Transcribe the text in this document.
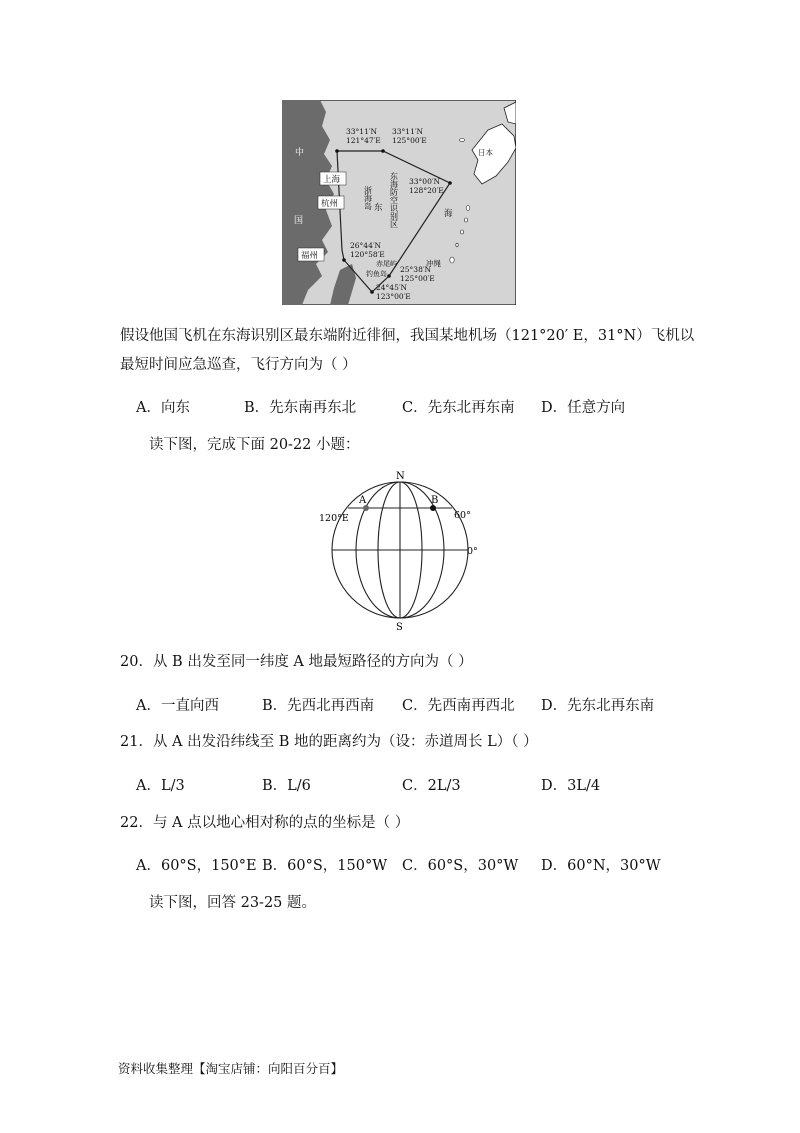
中
上海
杭州
国
福州
日本
冲绳
钓鱼岛
赤尾屿
海
东 东海防空识别区
浙海岛
33°11′N 121°47′E
33°11′N 125°00′E
33°00′N 128°20′E
26°44′N 120°58′E
25°38′N 125°00′E
24°45′N 123°00′E
假设他国飞机在东海识别区最东端附近徘徊，我国某地机场（121°20′ E，31°N）飞机以
最短时间应急巡查，飞行方向为（ ）
A．向东	B．先东南再东北	C．先东北再东南 D．任意方向
读下图，完成下面 20-22 小题：
N
S
A	B
120°E	60°
0°
20．从 B 出发至同一纬度 A 地最短路径的方向为（ ）
A．一直向西	B．先西北再西南 C．先西南再西北 D．先东北再东南
21．从 A 出发沿纬线至 B 地的距离约为（设：赤道周长 L）（ ）
A．L/3	B．L/6	C．2L/3	D．3L/4
22．与 A 点以地心相对称的点的坐标是（ ）
A．60°S，150°E B．60°S，150°W C．60°S，30°W D．60°N，30°W
读下图，回答 23-25 题。
资料收集整理【淘宝店铺：向阳百分百】
